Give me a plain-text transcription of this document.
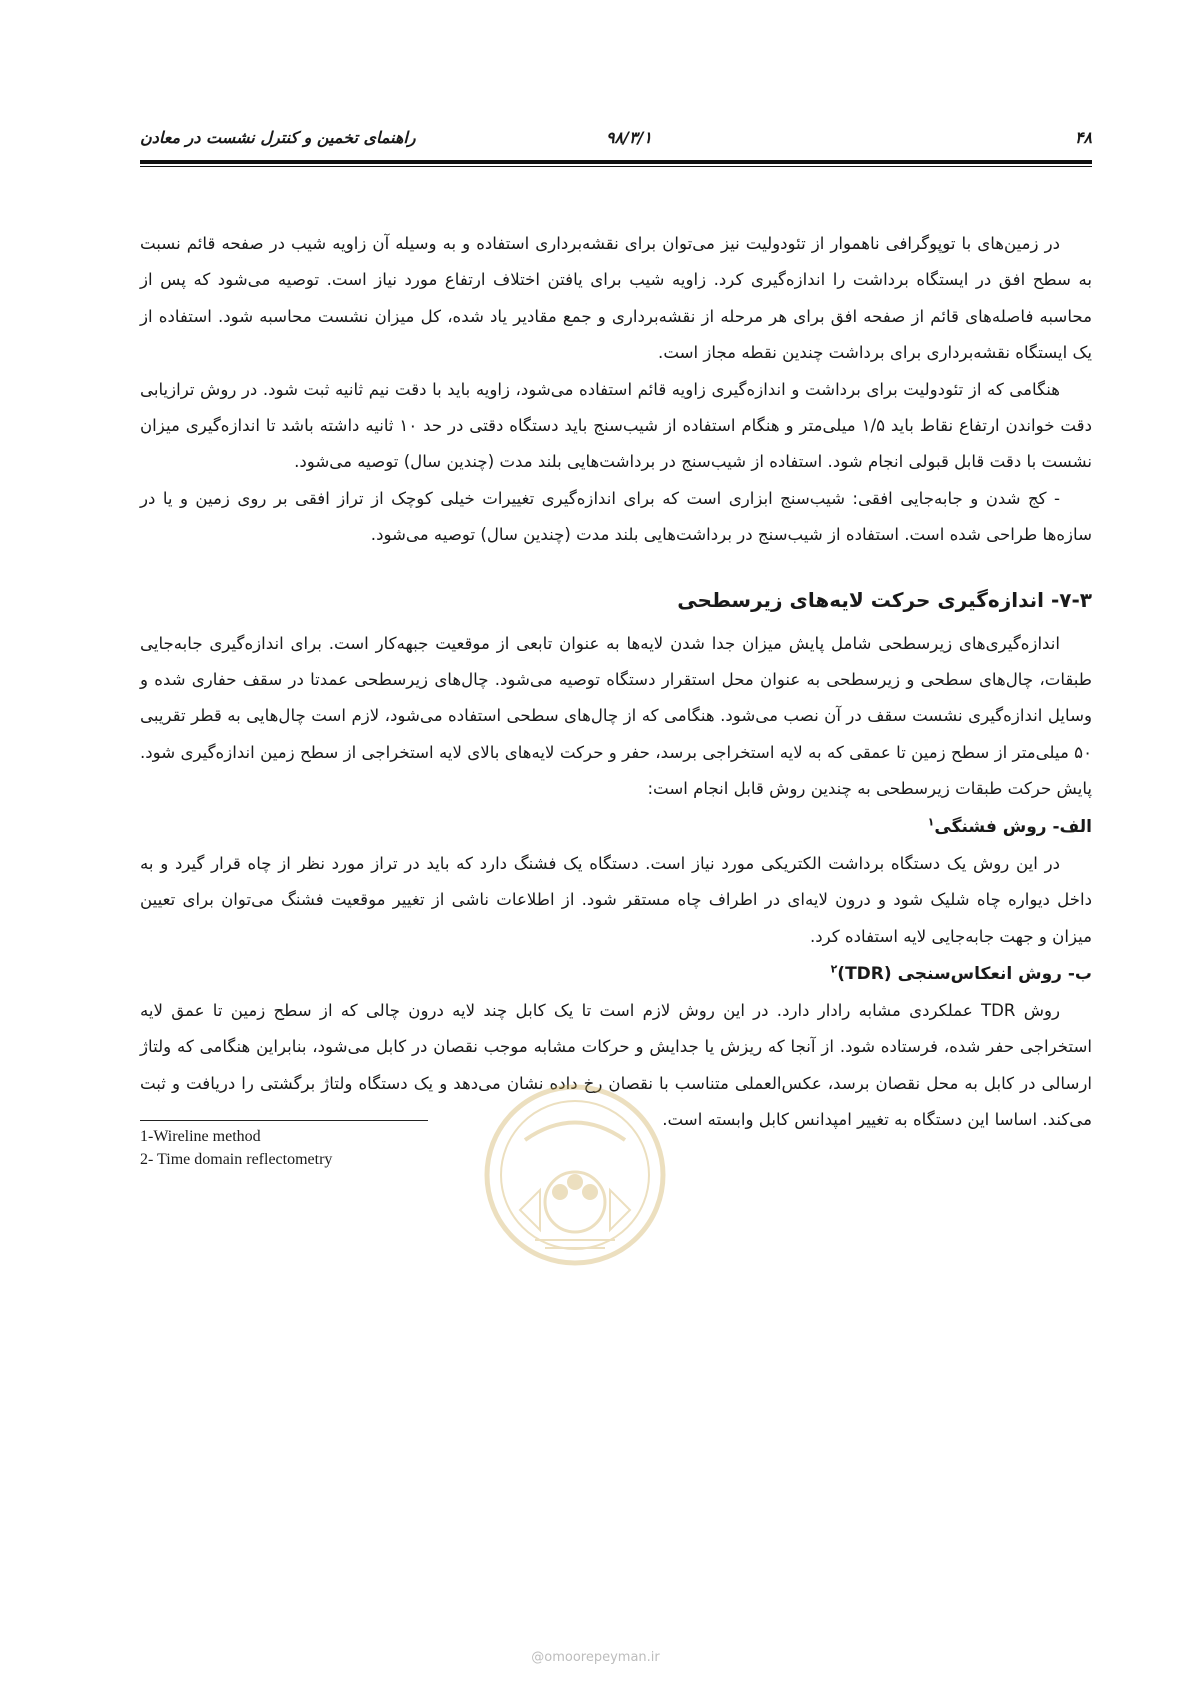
۴۸
۹۸/۳/۱
راهنمای تخمین و کنترل نشست در معادن

در زمین‌های با توپوگرافی ناهموار از تئودولیت نیز می‌توان برای نقشه‌برداری استفاده و به وسیله آن زاویه شیب در صفحه قائم نسبت به سطح افق در ایستگاه برداشت را اندازه‌گیری کرد. زاویه شیب برای یافتن اختلاف ارتفاع مورد نیاز است. توصیه می‌شود که پس از محاسبه فاصله‌های قائم از صفحه افق برای هر مرحله از نقشه‌برداری و جمع مقادیر یاد شده، کل میزان نشست محاسبه شود. استفاده از یک ایستگاه نقشه‌برداری برای برداشت چندین نقطه مجاز است.

هنگامی که از تئودولیت برای برداشت و اندازه‌گیری زاویه قائم استفاده می‌شود، زاویه باید با دقت نیم ثانیه ثبت شود. در روش ترازیابی دقت خواندن ارتفاع نقاط باید ۱/۵ میلی‌متر و هنگام استفاده از شیب‌سنج باید دستگاه دقتی در حد ۱۰ ثانیه داشته باشد تا اندازه‌گیری میزان نشست با دقت قابل قبولی انجام شود. استفاده از شیب‌سنج در برداشت‌هایی بلند مدت (چندین سال) توصیه می‌شود.

- کج شدن و جابه‌جایی افقی: شیب‌سنج ابزاری است که برای اندازه‌گیری تغییرات خیلی کوچک از تراز افقی بر روی زمین و یا در سازه‌ها طراحی شده است. استفاده از شیب‌سنج در برداشت‌هایی بلند مدت (چندین سال) توصیه می‌شود.

۷-۳- اندازه‌گیری حرکت لایه‌های زیرسطحی

اندازه‌گیری‌های زیرسطحی شامل پایش میزان جدا شدن لایه‌ها به عنوان تابعی از موقعیت جبهه‌کار است. برای اندازه‌گیری جابه‌جایی طبقات، چال‌های سطحی و زیرسطحی به عنوان محل استقرار دستگاه توصیه می‌شود. چال‌های زیرسطحی عمدتا در سقف حفاری شده و وسایل اندازه‌گیری نشست سقف در آن نصب می‌شود. هنگامی که از چال‌های سطحی استفاده می‌شود، لازم است چال‌هایی به قطر تقریبی ۵۰ میلی‌متر از سطح زمین تا عمقی که به لایه استخراجی برسد، حفر و حرکت لایه‌های بالای لایه استخراجی از سطح زمین اندازه‌گیری شود. پایش حرکت طبقات زیرسطحی به چندین روش قابل انجام است:

الف- روش فشنگی$^۱$

در این روش یک دستگاه برداشت الکتریکی مورد نیاز است. دستگاه یک فشنگ دارد که باید در تراز مورد نظر از چاه قرار گیرد و به داخل دیواره چاه شلیک شود و درون لایه‌ای در اطراف چاه مستقر شود. از اطلاعات ناشی از تغییر موقعیت فشنگ می‌توان برای تعیین میزان و جهت جابه‌جایی لایه استفاده کرد.

ب- روش انعکاس‌سنجی (TDR)$^۲$

روش TDR عملکردی مشابه رادار دارد. در این روش لازم است تا یک کابل چند لایه درون چالی که از سطح زمین تا عمق لایه استخراجی حفر شده، فرستاده شود. از آنجا که ریزش یا جدایش و حرکات مشابه موجب نقصان در کابل می‌شود، بنابراین هنگامی که ولتاژ ارسالی در کابل به محل نقصان برسد، عکس‌العملی متناسب با نقصان رخ داده نشان می‌دهد و یک دستگاه ولتاژ برگشتی را دریافت و ثبت می‌کند. اساسا این دستگاه به تغییر امپدانس کابل وابسته است.

1-Wireline method
2- Time domain reflectometry
@omoorepeyman.ir
